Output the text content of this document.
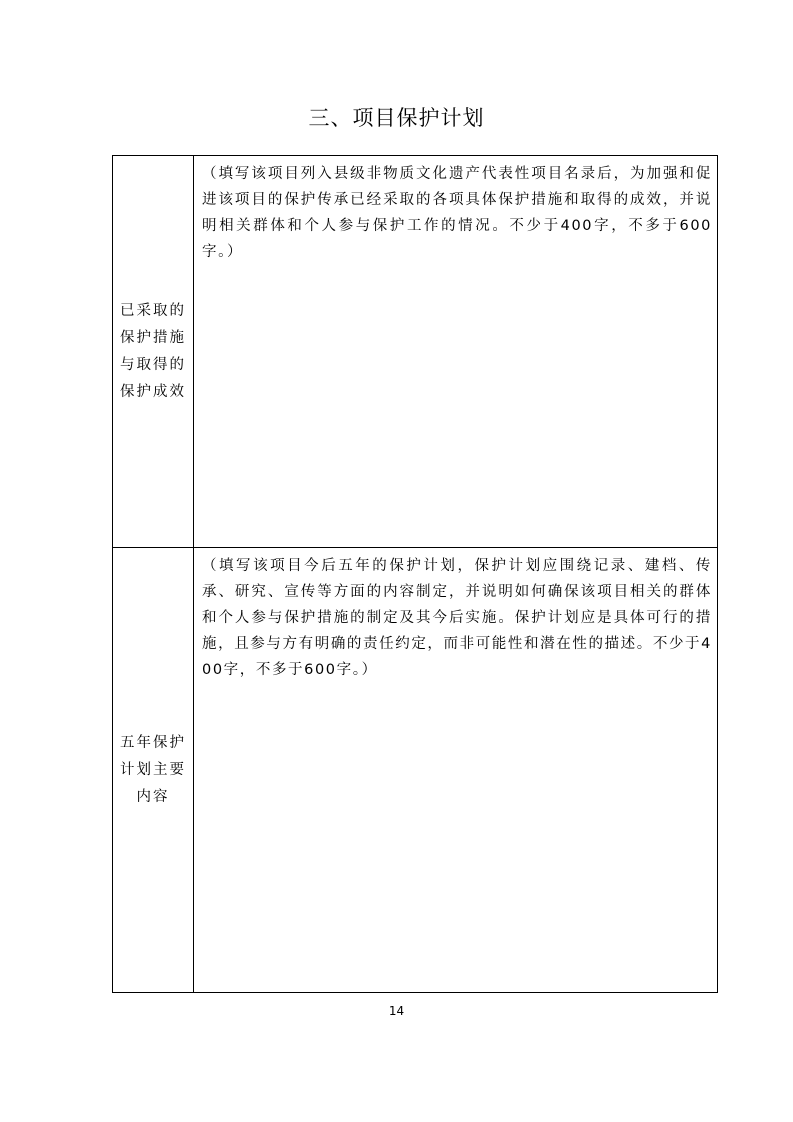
三、项目保护计划
已采取的保护措施与取得的保护成效

（填写该项目列入县级非物质文化遗产代表性项目名录后，为加强和促进该项目的保护传承已经采取的各项具体保护措施和取得的成效，并说明相关群体和个人参与保护工作的情况。不少于400字，不多于600字。）

五年保护计划主要内容

（填写该项目今后五年的保护计划，保护计划应围绕记录、建档、传承、研究、宣传等方面的内容制定，并说明如何确保该项目相关的群体和个人参与保护措施的制定及其今后实施。保护计划应是具体可行的措施，且参与方有明确的责任约定，而非可能性和潜在性的描述。不少于400字，不多于600字。）

14
